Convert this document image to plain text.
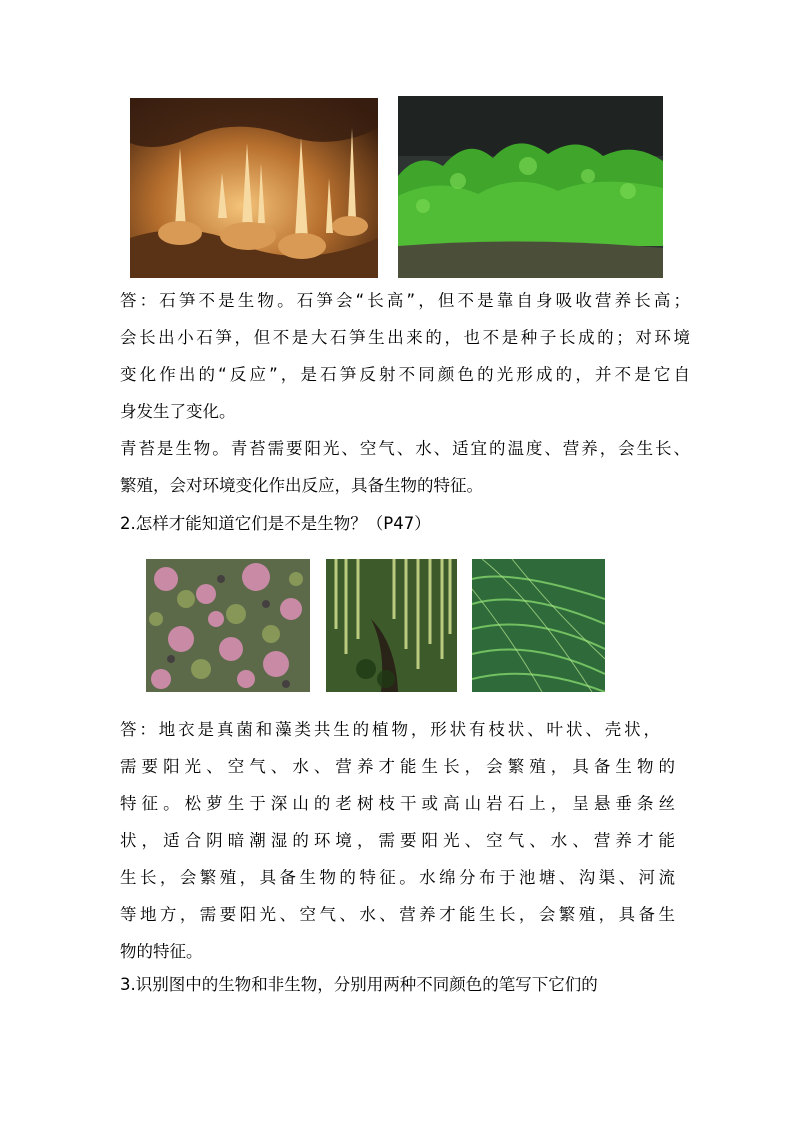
答：石笋不是生物。石笋会“长高”，但不是靠自身吸收营养长高；
会长出小石笋，但不是大石笋生出来的，也不是种子长成的；对环境
变化作出的“反应”，是石笋反射不同颜色的光形成的，并不是它自
身发生了变化。
青苔是生物。青苔需要阳光、空气、水、适宜的温度、营养，会生长、
繁殖，会对环境变化作出反应，具备生物的特征。
2.怎样才能知道它们是不是生物？（P47）
答：地衣是真菌和藻类共生的植物，形状有枝状、叶状、壳状，
需要阳光、空气、水、营养才能生长，会繁殖，具备生物的
特征。松萝生于深山的老树枝干或高山岩石上，呈悬垂条丝
状，适合阴暗潮湿的环境，需要阳光、空气、水、营养才能
生长，会繁殖，具备生物的特征。水绵分布于池塘、沟渠、河流
等地方，需要阳光、空气、水、营养才能生长，会繁殖，具备生
物的特征。
3.识别图中的生物和非生物，分别用两种不同颜色的笔写下它们的
